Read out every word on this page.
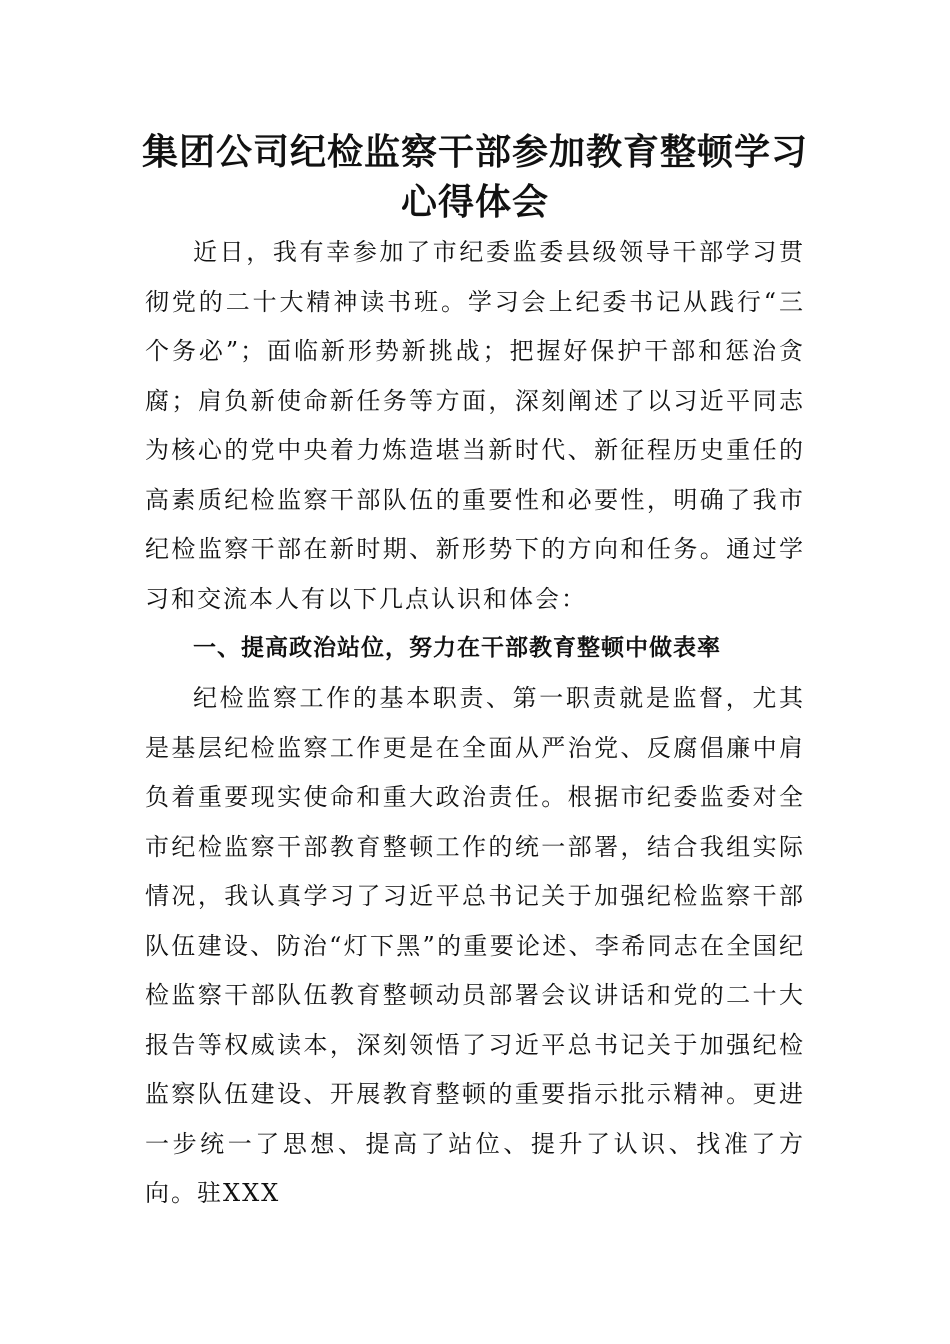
集团公司纪检监察干部参加教育整顿学习心得体会

近日，我有幸参加了市纪委监委县级领导干部学习贯彻党的二十大精神读书班。学习会上纪委书记从践行“三个务必”；面临新形势新挑战；把握好保护干部和惩治贪腐；肩负新使命新任务等方面，深刻阐述了以习近平同志为核心的党中央着力炼造堪当新时代、新征程历史重任的高素质纪检监察干部队伍的重要性和必要性，明确了我市纪检监察干部在新时期、新形势下的方向和任务。通过学习和交流本人有以下几点认识和体会：

一、提高政治站位，努力在干部教育整顿中做表率

纪检监察工作的基本职责、第一职责就是监督，尤其是基层纪检监察工作更是在全面从严治党、反腐倡廉中肩负着重要现实使命和重大政治责任。根据市纪委监委对全市纪检监察干部教育整顿工作的统一部署，结合我组实际情况，我认真学习了习近平总书记关于加强纪检监察干部队伍建设、防治“灯下黑”的重要论述、李希同志在全国纪检监察干部队伍教育整顿动员部署会议讲话和党的二十大报告等权威读本，深刻领悟了习近平总书记关于加强纪检监察队伍建设、开展教育整顿的重要指示批示精神。更进一步统一了思想、提高了站位、提升了认识、找准了方向。驻XXX
